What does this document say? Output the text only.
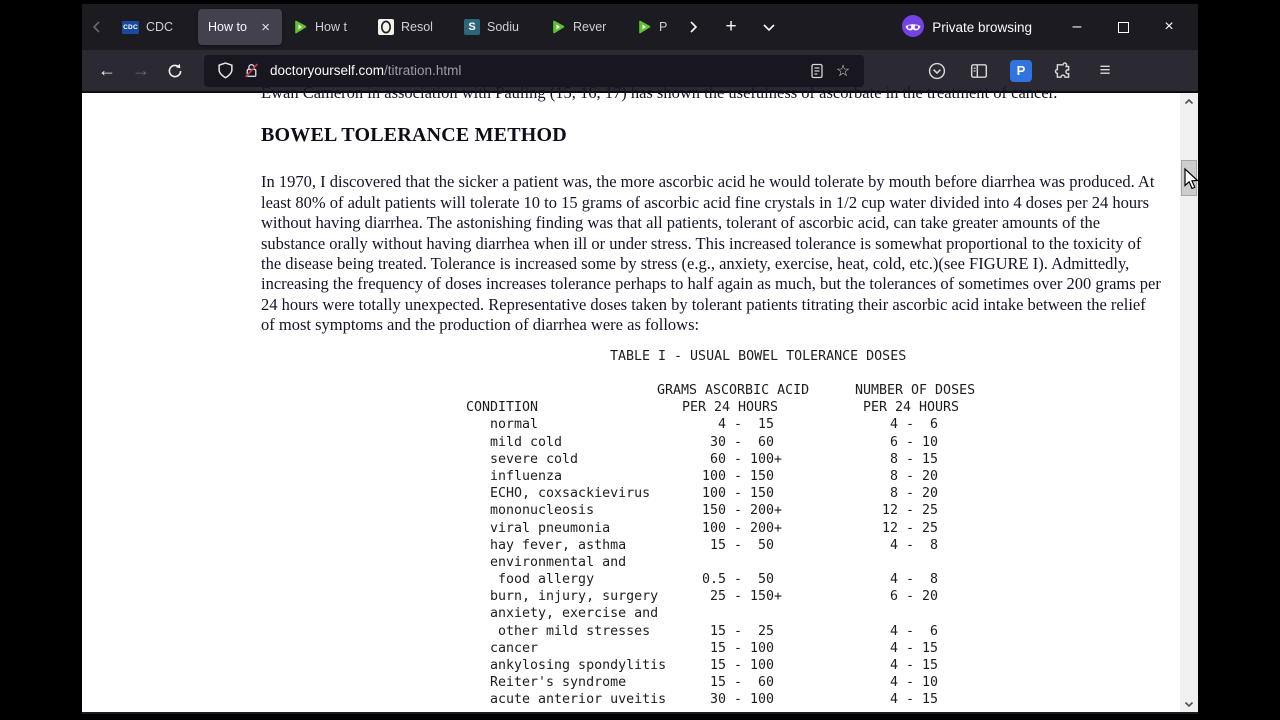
CDC CDC	How to ×	How t	Resol	S Sodiu	Rever	P	+	Private browsing	–	×
← →	doctoryourself.com/titration.html	☆	P	≡
Ewan Cameron in association with Pauling (15, 16, 17) has shown the usefulness of ascorbate in the treatment of cancer.
BOWEL TOLERANCE METHOD
In 1970, I discovered that the sicker a patient was, the more ascorbic acid he would tolerate by mouth before diarrhea was produced. At least 80% of adult patients will tolerate 10 to 15 grams of ascorbic acid fine crystals in 1/2 cup water divided into 4 doses per 24 hours without having diarrhea. The astonishing finding was that all patients, tolerant of ascorbic acid, can take greater amounts of the substance orally without having diarrhea when ill or under stress. This increased tolerance is somewhat proportional to the toxicity of the disease being treated. Tolerance is increased some by stress (e.g., anxiety, exercise, heat, cold, etc.)(see FIGURE I). Admittedly, increasing the frequency of doses increases tolerance perhaps to half again as much, but the tolerances of sometimes over 200 grams per 24 hours were totally unexpected. Representative doses taken by tolerant patients titrating their ascorbic acid intake between the relief of most symptoms and the production of diarrhea were as follows:
TABLE I - USUAL BOWEL TOLERANCE DOSES
GRAMS ASCORBIC ACID	NUMBER OF DOSES
CONDITION	PER 24 HOURS	PER 24 HOURS
normal	4 -  15	4 -  6
mild cold	30 -  60	6 - 10
severe cold	60 - 100+	8 - 15
influenza	100 - 150	8 - 20
ECHO, coxsackievirus	100 - 150	8 - 20
mononucleosis	150 - 200+	12 - 25
viral pneumonia	100 - 200+	12 - 25
hay fever, asthma	15 -  50	4 -  8
environmental and
food allergy	0.5 -  50	4 -  8
burn, injury, surgery	25 - 150+	6 - 20
anxiety, exercise and
other mild stresses	15 -  25	4 -  6
cancer	15 - 100	4 - 15
ankylosing spondylitis	15 - 100	4 - 15
Reiter's syndrome	15 -  60	4 - 10
acute anterior uveitis	30 - 100	4 - 15
